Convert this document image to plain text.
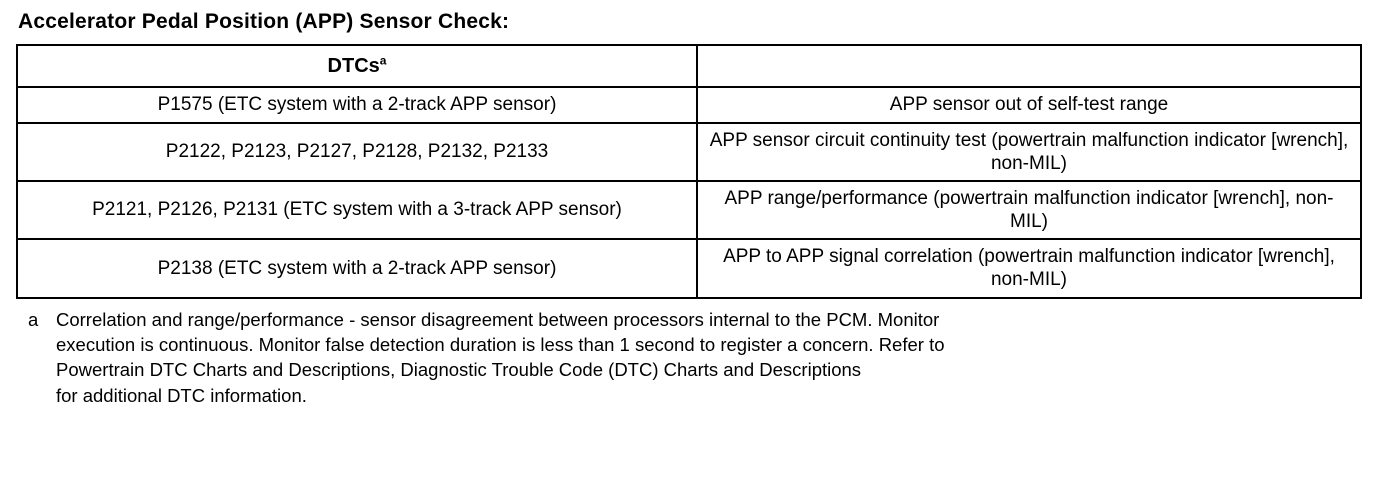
Accelerator Pedal Position (APP) Sensor Check:
DTCs$^a$	
P1575 (ETC system with a 2-track APP sensor)	APP sensor out of self-test range
P2122, P2123, P2127, P2128, P2132, P2133	APP sensor circuit continuity test (powertrain malfunction indicator [wrench], non-MIL)
P2121, P2126, P2131 (ETC system with a 3-track APP sensor)	APP range/performance (powertrain malfunction indicator [wrench], non-MIL)
P2138 (ETC system with a 2-track APP sensor)	APP to APP signal correlation (powertrain malfunction indicator [wrench], non-MIL)
a Correlation and range/performance - sensor disagreement between processors internal to the PCM. Monitor

execution is continuous. Monitor false detection duration is less than 1 second to register a concern. Refer to

Powertrain DTC Charts and Descriptions, Diagnostic Trouble Code (DTC) Charts and Descriptions

for additional DTC information.
